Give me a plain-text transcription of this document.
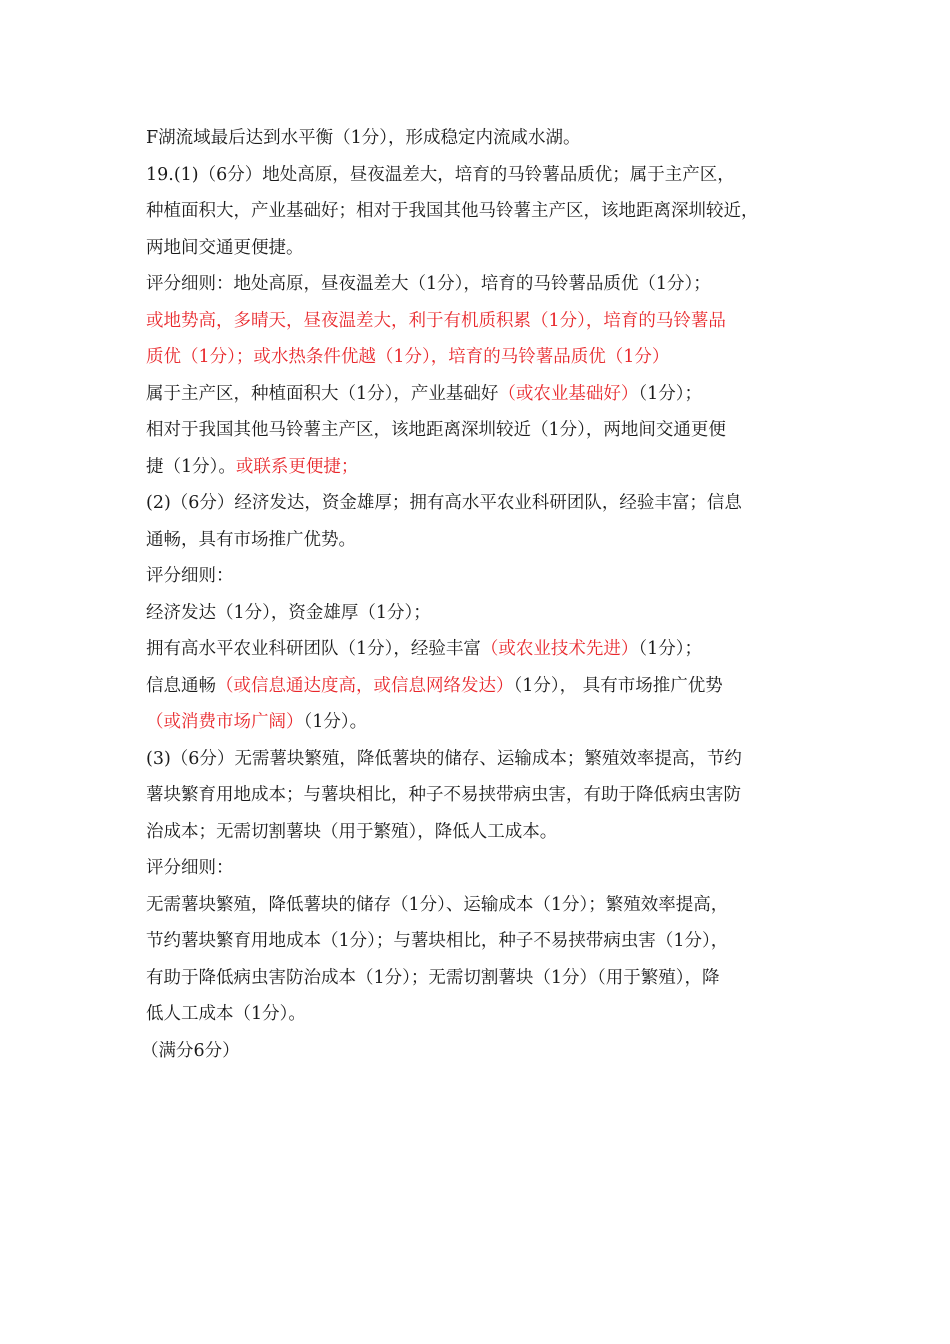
F湖流域最后达到水平衡（1分），形成稳定内流咸水湖。
19.(1)（6分）地处高原，昼夜温差大，培育的马铃薯品质优；属于主产区，
种植面积大，产业基础好；相对于我国其他马铃薯主产区，该地距离深圳较近，
两地间交通更便捷。
评分细则：地处高原，昼夜温差大（1分），培育的马铃薯品质优（1分）；
或地势高，多晴天，昼夜温差大，利于有机质积累（1分），培育的马铃薯品
质优（1分）；或水热条件优越（1分），培育的马铃薯品质优（1分）
属于主产区，种植面积大（1分），产业基础好（或农业基础好）（1分）；
相对于我国其他马铃薯主产区，该地距离深圳较近（1分），两地间交通更便
捷（1分）。或联系更便捷；
(2)（6分）经济发达，资金雄厚；拥有高水平农业科研团队，经验丰富；信息
通畅，具有市场推广优势。
评分细则：
经济发达（1分），资金雄厚（1分）；
拥有高水平农业科研团队（1分），经验丰富（或农业技术先进）（1分）；
信息通畅（或信息通达度高，或信息网络发达）（1分）， 具有市场推广优势
（或消费市场广阔）（1分）。
(3)（6分）无需薯块繁殖，降低薯块的储存、运输成本；繁殖效率提高，节约
薯块繁育用地成本；与薯块相比，种子不易挟带病虫害，有助于降低病虫害防
治成本；无需切割薯块（用于繁殖），降低人工成本。
评分细则：
无需薯块繁殖，降低薯块的储存（1分）、运输成本（1分）；繁殖效率提高，
节约薯块繁育用地成本（1分）；与薯块相比，种子不易挟带病虫害（1分），
有助于降低病虫害防治成本（1分）；无需切割薯块（1分）（用于繁殖），降
低人工成本（1分）。
（满分6分）
